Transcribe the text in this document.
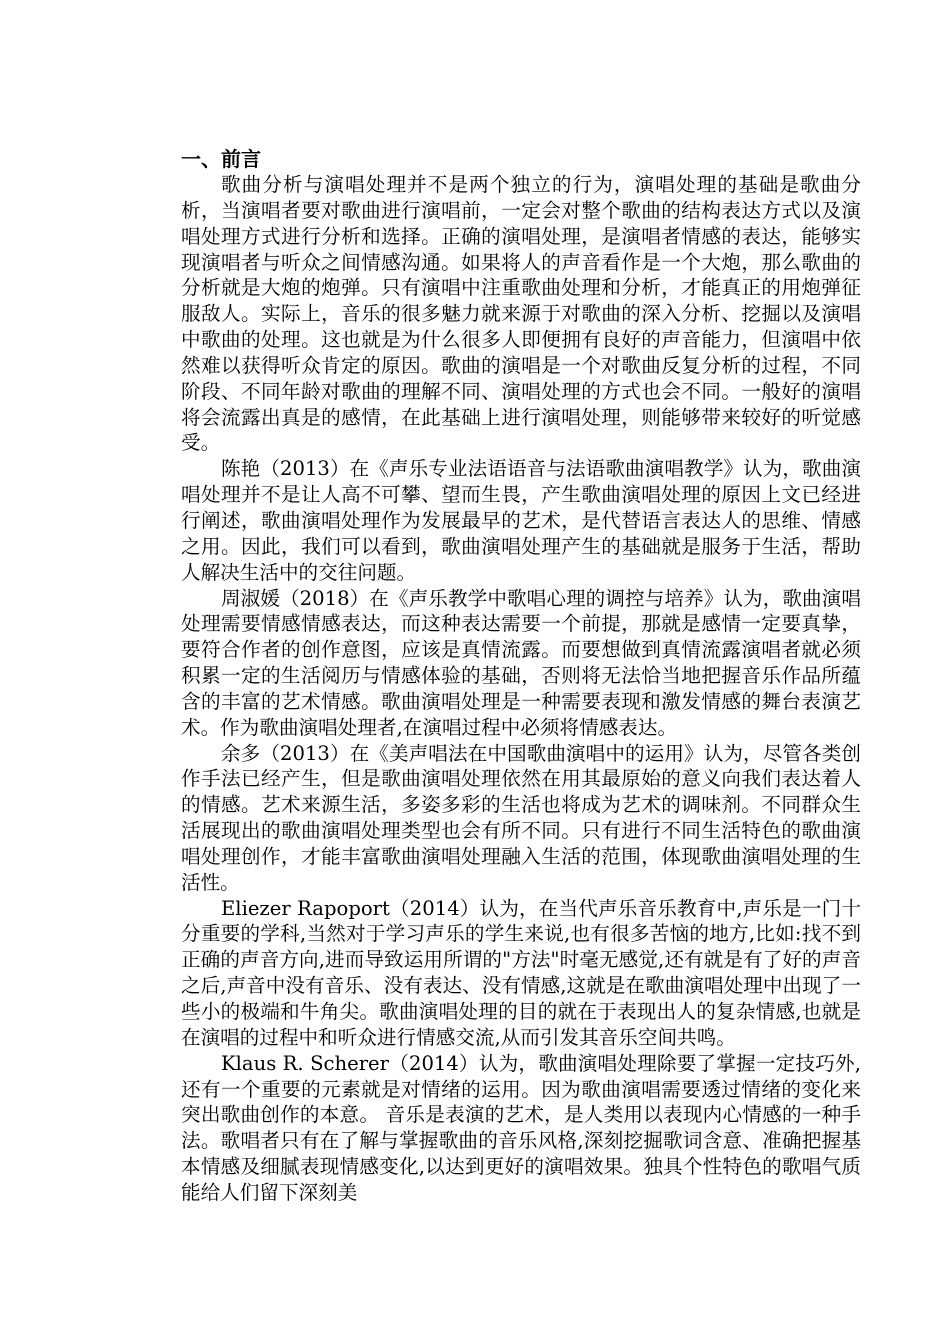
一、前言

歌曲分析与演唱处理并不是两个独立的行为，演唱处理的基础是歌曲分析，当演唱者要对歌曲进行演唱前，一定会对整个歌曲的结构表达方式以及演唱处理方式进行分析和选择。正确的演唱处理，是演唱者情感的表达，能够实现演唱者与听众之间情感沟通。如果将人的声音看作是一个大炮，那么歌曲的分析就是大炮的炮弹。只有演唱中注重歌曲处理和分析，才能真正的用炮弹征服敌人。实际上，音乐的很多魅力就来源于对歌曲的深入分析、挖掘以及演唱中歌曲的处理。这也就是为什么很多人即便拥有良好的声音能力，但演唱中依然难以获得听众肯定的原因。歌曲的演唱是一个对歌曲反复分析的过程，不同阶段、不同年龄对歌曲的理解不同、演唱处理的方式也会不同。一般好的演唱将会流露出真是的感情，在此基础上进行演唱处理，则能够带来较好的听觉感受。

陈艳（2013）在《声乐专业法语语音与法语歌曲演唱教学》认为，歌曲演唱处理并不是让人高不可攀、望而生畏，产生歌曲演唱处理的原因上文已经进行阐述，歌曲演唱处理作为发展最早的艺术，是代替语言表达人的思维、情感之用。因此，我们可以看到，歌曲演唱处理产生的基础就是服务于生活，帮助人解决生活中的交往问题。

周淑媛（2018）在《声乐教学中歌唱心理的调控与培养》认为，歌曲演唱处理需要情感情感表达，而这种表达需要一个前提，那就是感情一定要真挚，要符合作者的创作意图，应该是真情流露。而要想做到真情流露演唱者就必须积累一定的生活阅历与情感体验的基础，否则将无法恰当地把握音乐作品所蕴含的丰富的艺术情感。歌曲演唱处理是一种需要表现和激发情感的舞台表演艺术。作为歌曲演唱处理者,在演唱过程中必须将情感表达。

余多（2013）在《美声唱法在中国歌曲演唱中的运用》认为，尽管各类创作手法已经产生，但是歌曲演唱处理依然在用其最原始的意义向我们表达着人的情感。艺术来源生活，多姿多彩的生活也将成为艺术的调味剂。不同群众生活展现出的歌曲演唱处理类型也会有所不同。只有进行不同生活特色的歌曲演唱处理创作，才能丰富歌曲演唱处理融入生活的范围，体现歌曲演唱处理的生活性。

Eliezer Rapoport（2014）认为，在当代声乐音乐教育中,声乐是一门十分重要的学科,当然对于学习声乐的学生来说,也有很多苦恼的地方,比如:找不到正确的声音方向,进而导致运用所谓的"方法"时毫无感觉,还有就是有了好的声音之后,声音中没有音乐、没有表达、没有情感,这就是在歌曲演唱处理中出现了一些小的极端和牛角尖。歌曲演唱处理的目的就在于表现出人的复杂情感,也就是在演唱的过程中和听众进行情感交流,从而引发其音乐空间共鸣。

Klaus R. Scherer（2014）认为，歌曲演唱处理除要了掌握一定技巧外,还有一个重要的元素就是对情绪的运用。因为歌曲演唱需要透过情绪的变化来突出歌曲创作的本意。 音乐是表演的艺术，是人类用以表现内心情感的一种手法。歌唱者只有在了解与掌握歌曲的音乐风格,深刻挖掘歌词含意、准确把握基本情感及细腻表现情感变化,以达到更好的演唱效果。独具个性特色的歌唱气质能给人们留下深刻美
